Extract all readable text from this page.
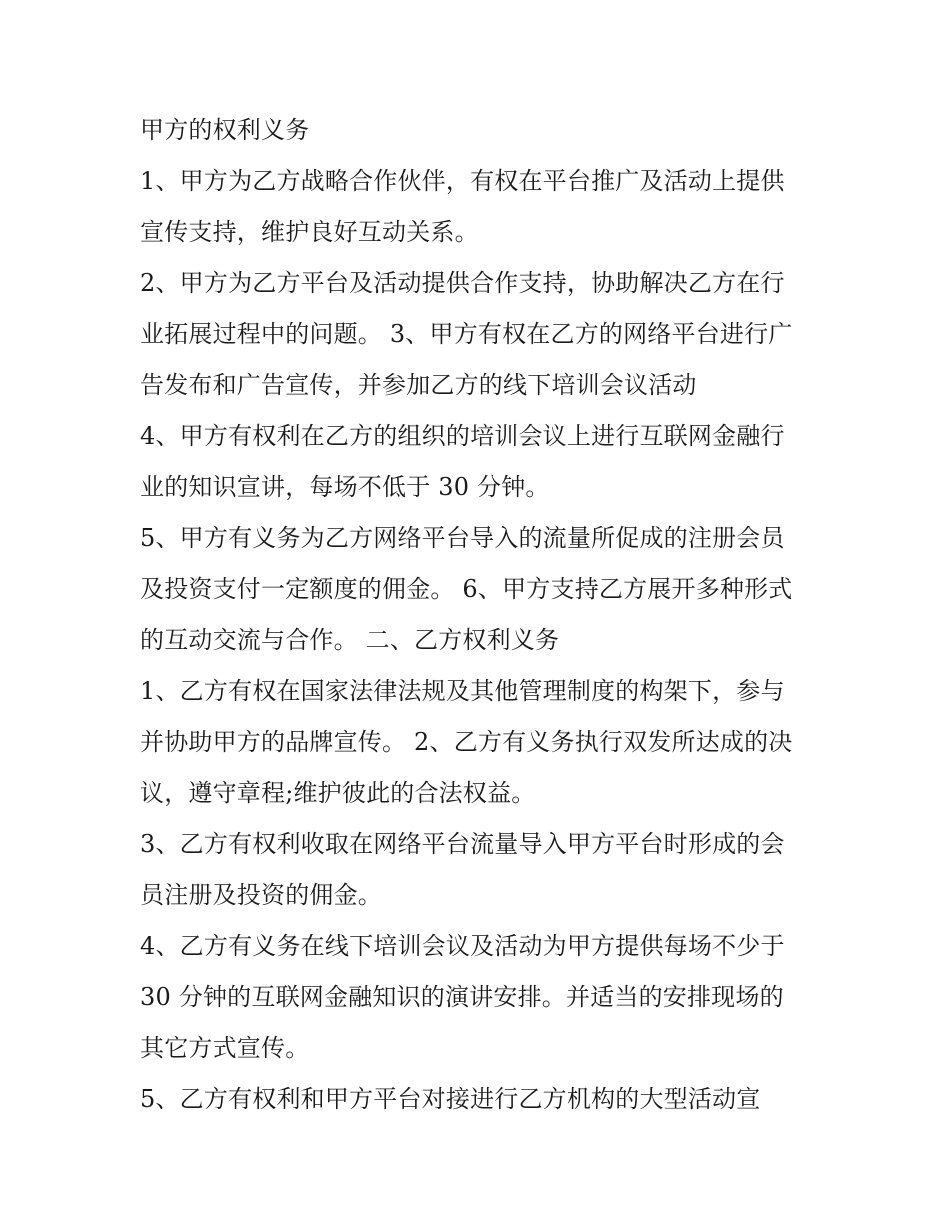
甲方的权利义务
1、甲方为乙方战略合作伙伴，有权在平台推广及活动上提供
宣传支持，维护良好互动关系。
2、甲方为乙方平台及活动提供合作支持，协助解决乙方在行
业拓展过程中的问题。 3、甲方有权在乙方的网络平台进行广
告发布和广告宣传，并参加乙方的线下培训会议活动
4、甲方有权利在乙方的组织的培训会议上进行互联网金融行
业的知识宣讲，每场不低于 30 分钟。
5、甲方有义务为乙方网络平台导入的流量所促成的注册会员
及投资支付一定额度的佣金。 6、甲方支持乙方展开多种形式
的互动交流与合作。 二、乙方权利义务
1、乙方有权在国家法律法规及其他管理制度的构架下，参与
并协助甲方的品牌宣传。 2、乙方有义务执行双发所达成的决
议，遵守章程;维护彼此的合法权益。
3、乙方有权利收取在网络平台流量导入甲方平台时形成的会
员注册及投资的佣金。
4、乙方有义务在线下培训会议及活动为甲方提供每场不少于
30 分钟的互联网金融知识的演讲安排。并适当的安排现场的
其它方式宣传。
5、乙方有权利和甲方平台对接进行乙方机构的大型活动宣
